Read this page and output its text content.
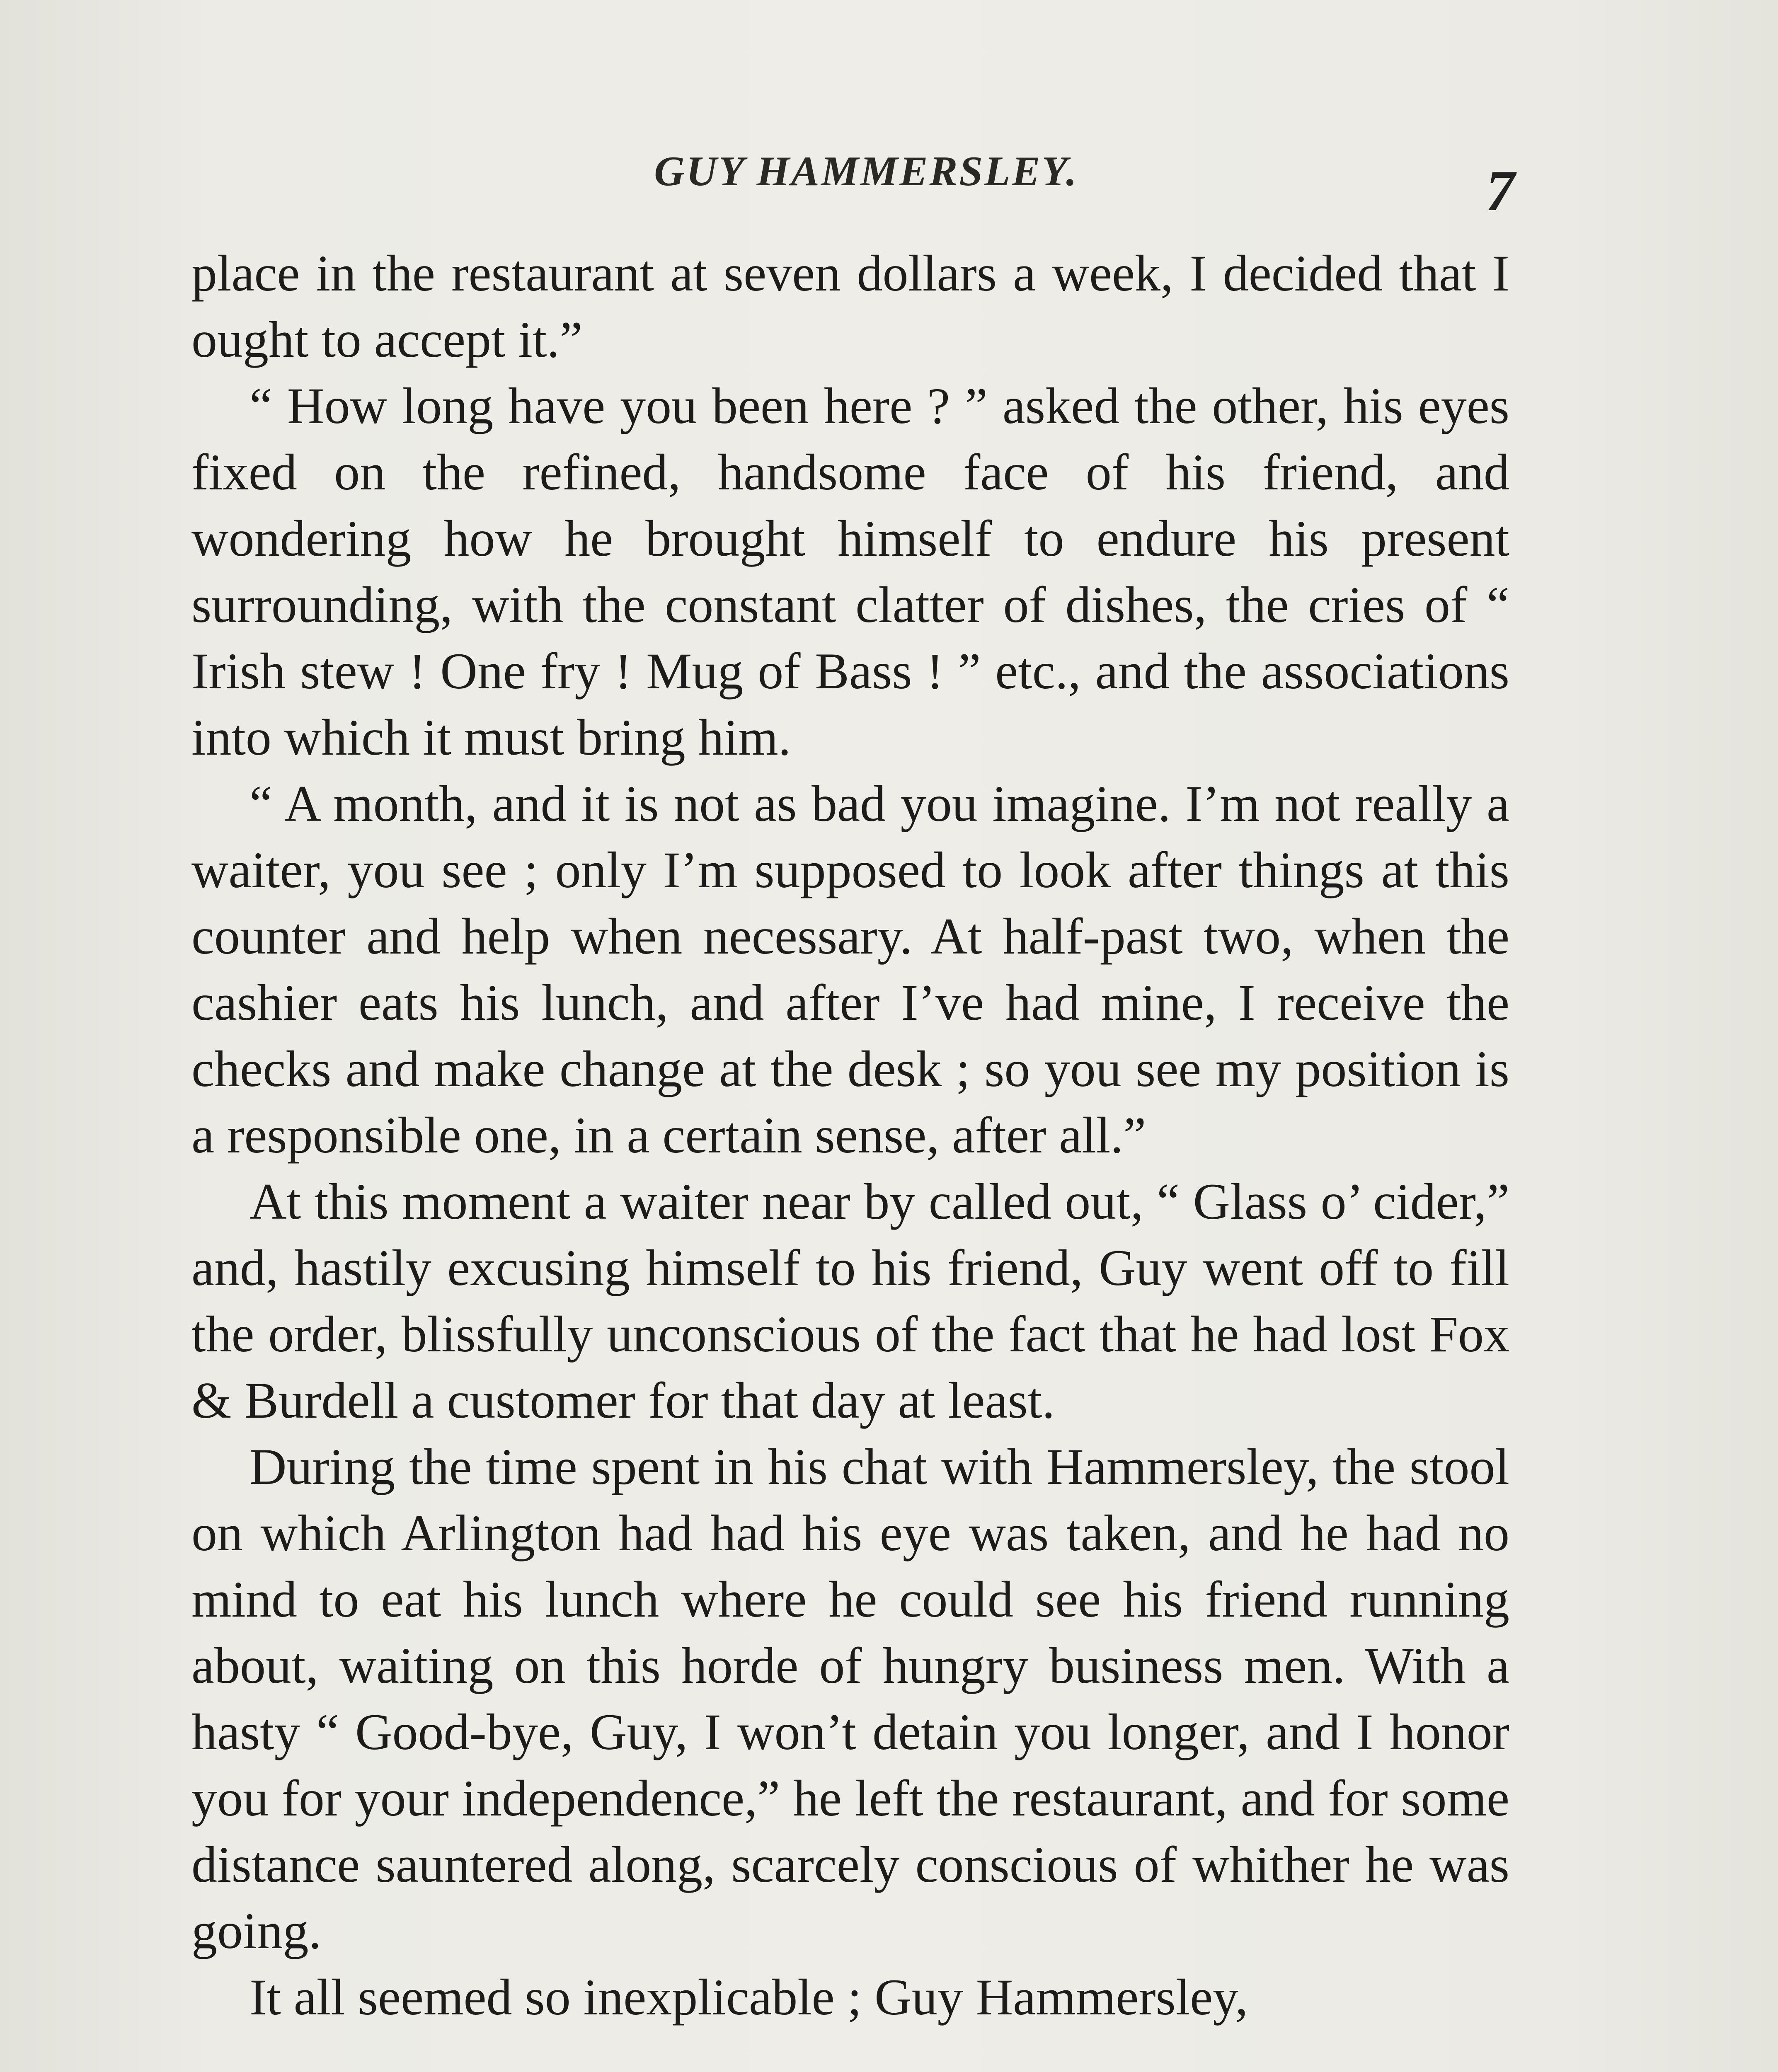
GUY HAMMERSLEY.	7

place in the restaurant at seven dollars a week, I decided that I ought to accept it.”

“ How long have you been here ? ” asked the other, his eyes fixed on the refined, handsome face of his friend, and wondering how he brought himself to endure his present surrounding, with the constant clatter of dishes, the cries of “ Irish stew ! One fry ! Mug of Bass ! ” etc., and the associations into which it must bring him.

“ A month, and it is not as bad you imagine. I’m not really a waiter, you see ; only I’m supposed to look after things at this counter and help when necessary. At half-past two, when the cashier eats his lunch, and after I’ve had mine, I receive the checks and make change at the desk ; so you see my position is a responsible one, in a certain sense, after all.”

At this moment a waiter near by called out, “ Glass o’ cider,” and, hastily excusing himself to his friend, Guy went off to fill the order, blissfully unconscious of the fact that he had lost Fox & Burdell a customer for that day at least.

During the time spent in his chat with Hammersley, the stool on which Arlington had had his eye was taken, and he had no mind to eat his lunch where he could see his friend running about, waiting on this horde of hungry business men. With a hasty “ Good-bye, Guy, I won’t detain you longer, and I honor you for your independence,” he left the restaurant, and for some distance sauntered along, scarcely conscious of whither he was going.

It all seemed so inexplicable ; Guy Hammersley,
